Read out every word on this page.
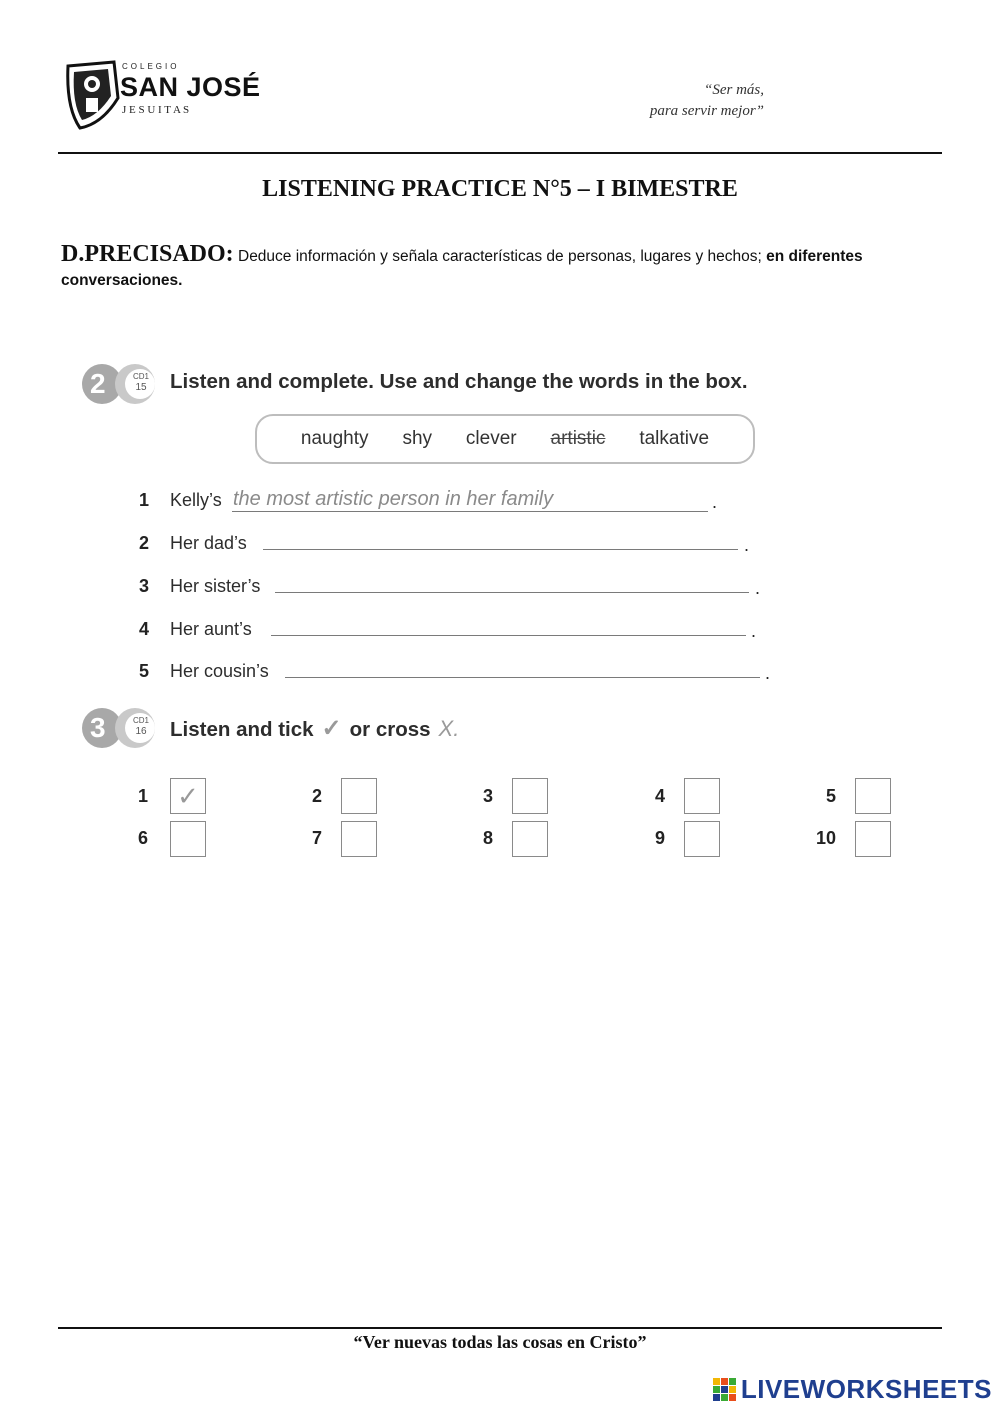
COLEGIO
SAN JOSÉ
J E S U I T A S
“Ser más,
para servir mejor”
LISTENING PRACTICE N°5 – I BIMESTRE
D.PRECISADO: Deduce información y señala características de personas, lugares y hechos; en diferentes conversaciones.
2	CD1
15 Listen and complete. Use and change the words in the box.
naughty shy clever artistic talkative
1 Kelly’s the most artistic person in her family	.
2 Her dad’s	.
3 Her sister’s	.
4 Her aunt’s	.
5 Her cousin’s	.
3	CD1
16 Listen and tick ✓ or cross X.
1 ✓	2	3	4	5
6	7	8	9	10
“Ver nuevas todas las cosas en Cristo”
LIVEWORKSHEETS
